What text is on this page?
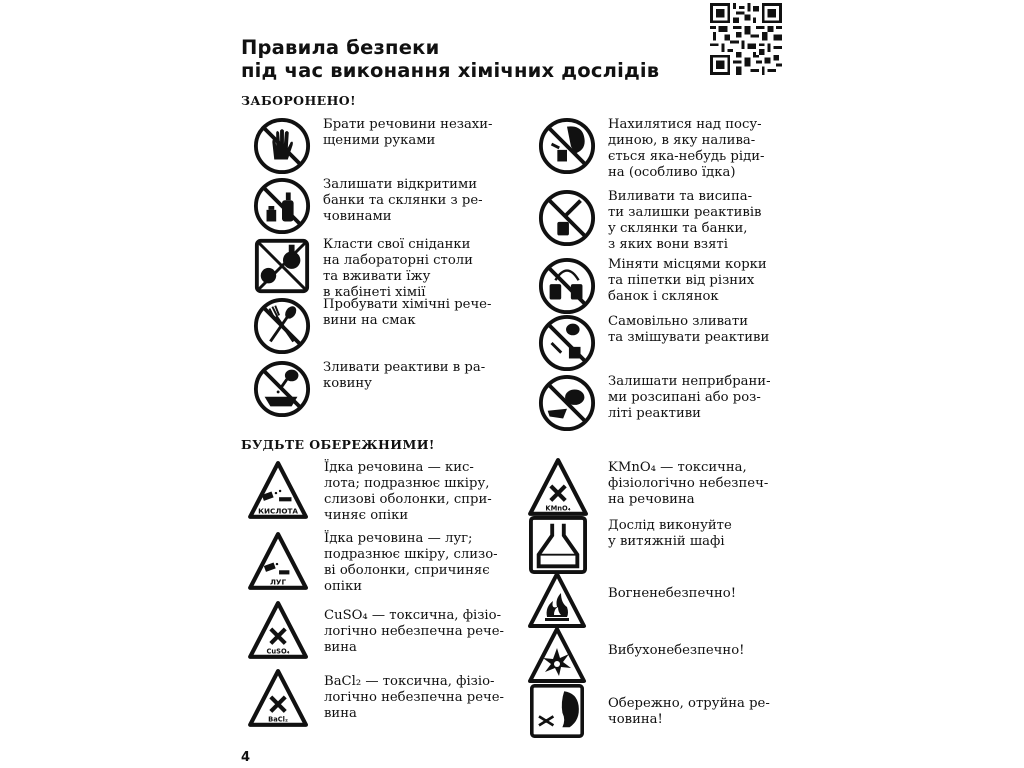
Правила безпеки
під час виконання хімічних дослідів
ЗАБОРОНЕНО!
БУДЬТЕ ОБЕРЕЖНИМИ!
Брати речовини незахи-
щеними руками
Залишати відкритими
банки та склянки з ре-
човинами
Класти свої сніданки
на лабораторні столи
та вживати їжу
в кабінеті хімії
Пробувати хімічні рече-
вини на смак
Зливати реактиви в ра-
ковину
Нахилятися над посу-
диною, в яку налива-
ється яка-небудь ріди-
на (особливо їдка)
Виливати та висипа-
ти залишки реактивів
у склянки та банки,
з яких вони взяті
Міняти місцями корки
та піпетки від різних
банок і склянок
Самовільно зливати
та змішувати реактиви
Залишати неприбрани-
ми розсипані або роз-
літі реактиви
КИСЛОТА
Їдка речовина — кис-
лота; подразнює шкіру,
слизові оболонки, спри-
чиняє опіки
ЛУГ
Їдка речовина — луг;
подразнює шкіру, слизо-
ві оболонки, спричиняє
опіки
CuSO₄
CuSO₄ — токсична, фізіо-
логічно небезпечна рече-
вина
BaCl₂
BaCl₂ — токсична, фізіо-
логічно небезпечна рече-
вина
KMnO₄
KMnO₄ — токсична,
фізіологічно небезпеч-
на речовина
Дослід виконуйте
у витяжній шафі
Вогненебезпечно!
Вибухонебезпечно!
Обережно, отруйна ре-
човина!
4
